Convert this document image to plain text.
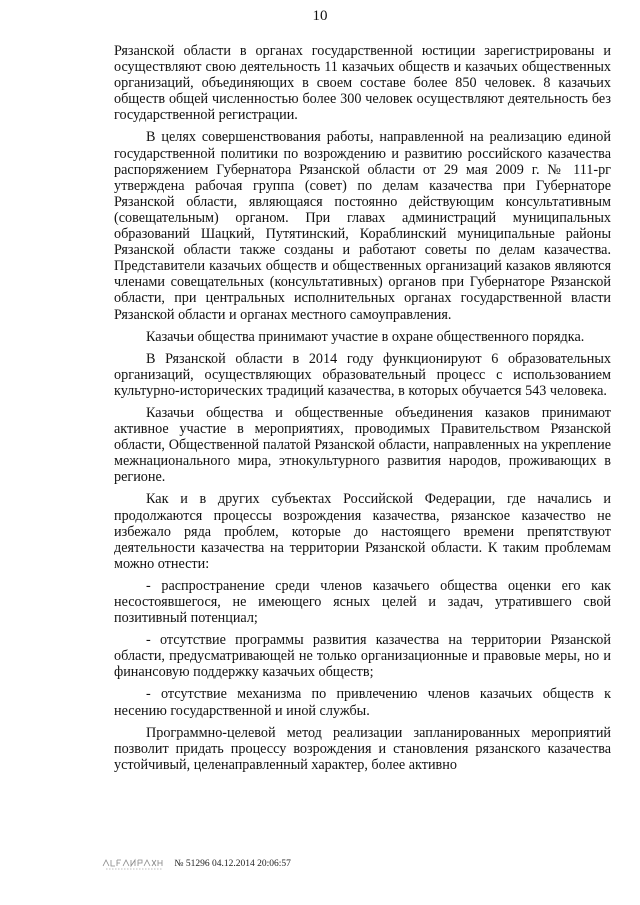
10

Рязанской области в органах государственной юстиции зарегистрированы и осуществляют свою деятельность 11 казачьих обществ и казачьих общественных организаций, объединяющих в своем составе более 850 человек. 8 казачьих обществ общей численностью более 300 человек осуществляют деятельность без государственной регистрации.

В целях совершенствования работы, направленной на реализацию единой государственной политики по возрождению и развитию российского казачества распоряжением Губернатора Рязанской области от 29 мая 2009 г. № 111-рг утверждена рабочая группа (совет) по делам казачества при Губернаторе Рязанской области, являющаяся постоянно действующим консультативным (совещательным) органом. При главах администраций муниципальных образований Шацкий, Путятинский, Кораблинский муниципальные районы Рязанской области также созданы и работают советы по делам казачества. Представители казачьих обществ и общественных организаций казаков являются членами совещательных (консультативных) органов при Губернаторе Рязанской области, при центральных исполнительных органах государственной власти Рязанской области и органах местного самоуправления.

Казачьи общества принимают участие в охране общественного порядка.

В Рязанской области в 2014 году функционируют 6 образовательных организаций, осуществляющих образовательный процесс с использованием культурно-исторических традиций казачества, в которых обучается 543 человека.

Казачьи общества и общественные объединения казаков принимают активное участие в мероприятиях, проводимых Правительством Рязанской области, Общественной палатой Рязанской области, направленных на укрепление межнационального мира, этнокультурного развития народов, проживающих в регионе.

Как и в других субъектах Российской Федерации, где начались и продолжаются процессы возрождения казачества, рязанское казачество не избежало ряда проблем, которые до настоящего времени препятствуют деятельности казачества на территории Рязанской области. К таким проблемам можно отнести:

- распространение среди членов казачьего общества оценки его как несостоявшегося, не имеющего ясных целей и задач, утратившего свой позитивный потенциал;

- отсутствие программы развития казачества на территории Рязанской области, предусматривающей не только организационные и правовые меры, но и финансовую поддержку казачьих обществ;

- отсутствие механизма по привлечению членов казачьих обществ к несению государственной и иной службы.

Программно-целевой метод реализации запланированных мероприятий позволит придать процессу возрождения и становления рязанского казачества устойчивый, целенаправленный характер, более активно

№ 51296 04.12.2014 20:06:57
